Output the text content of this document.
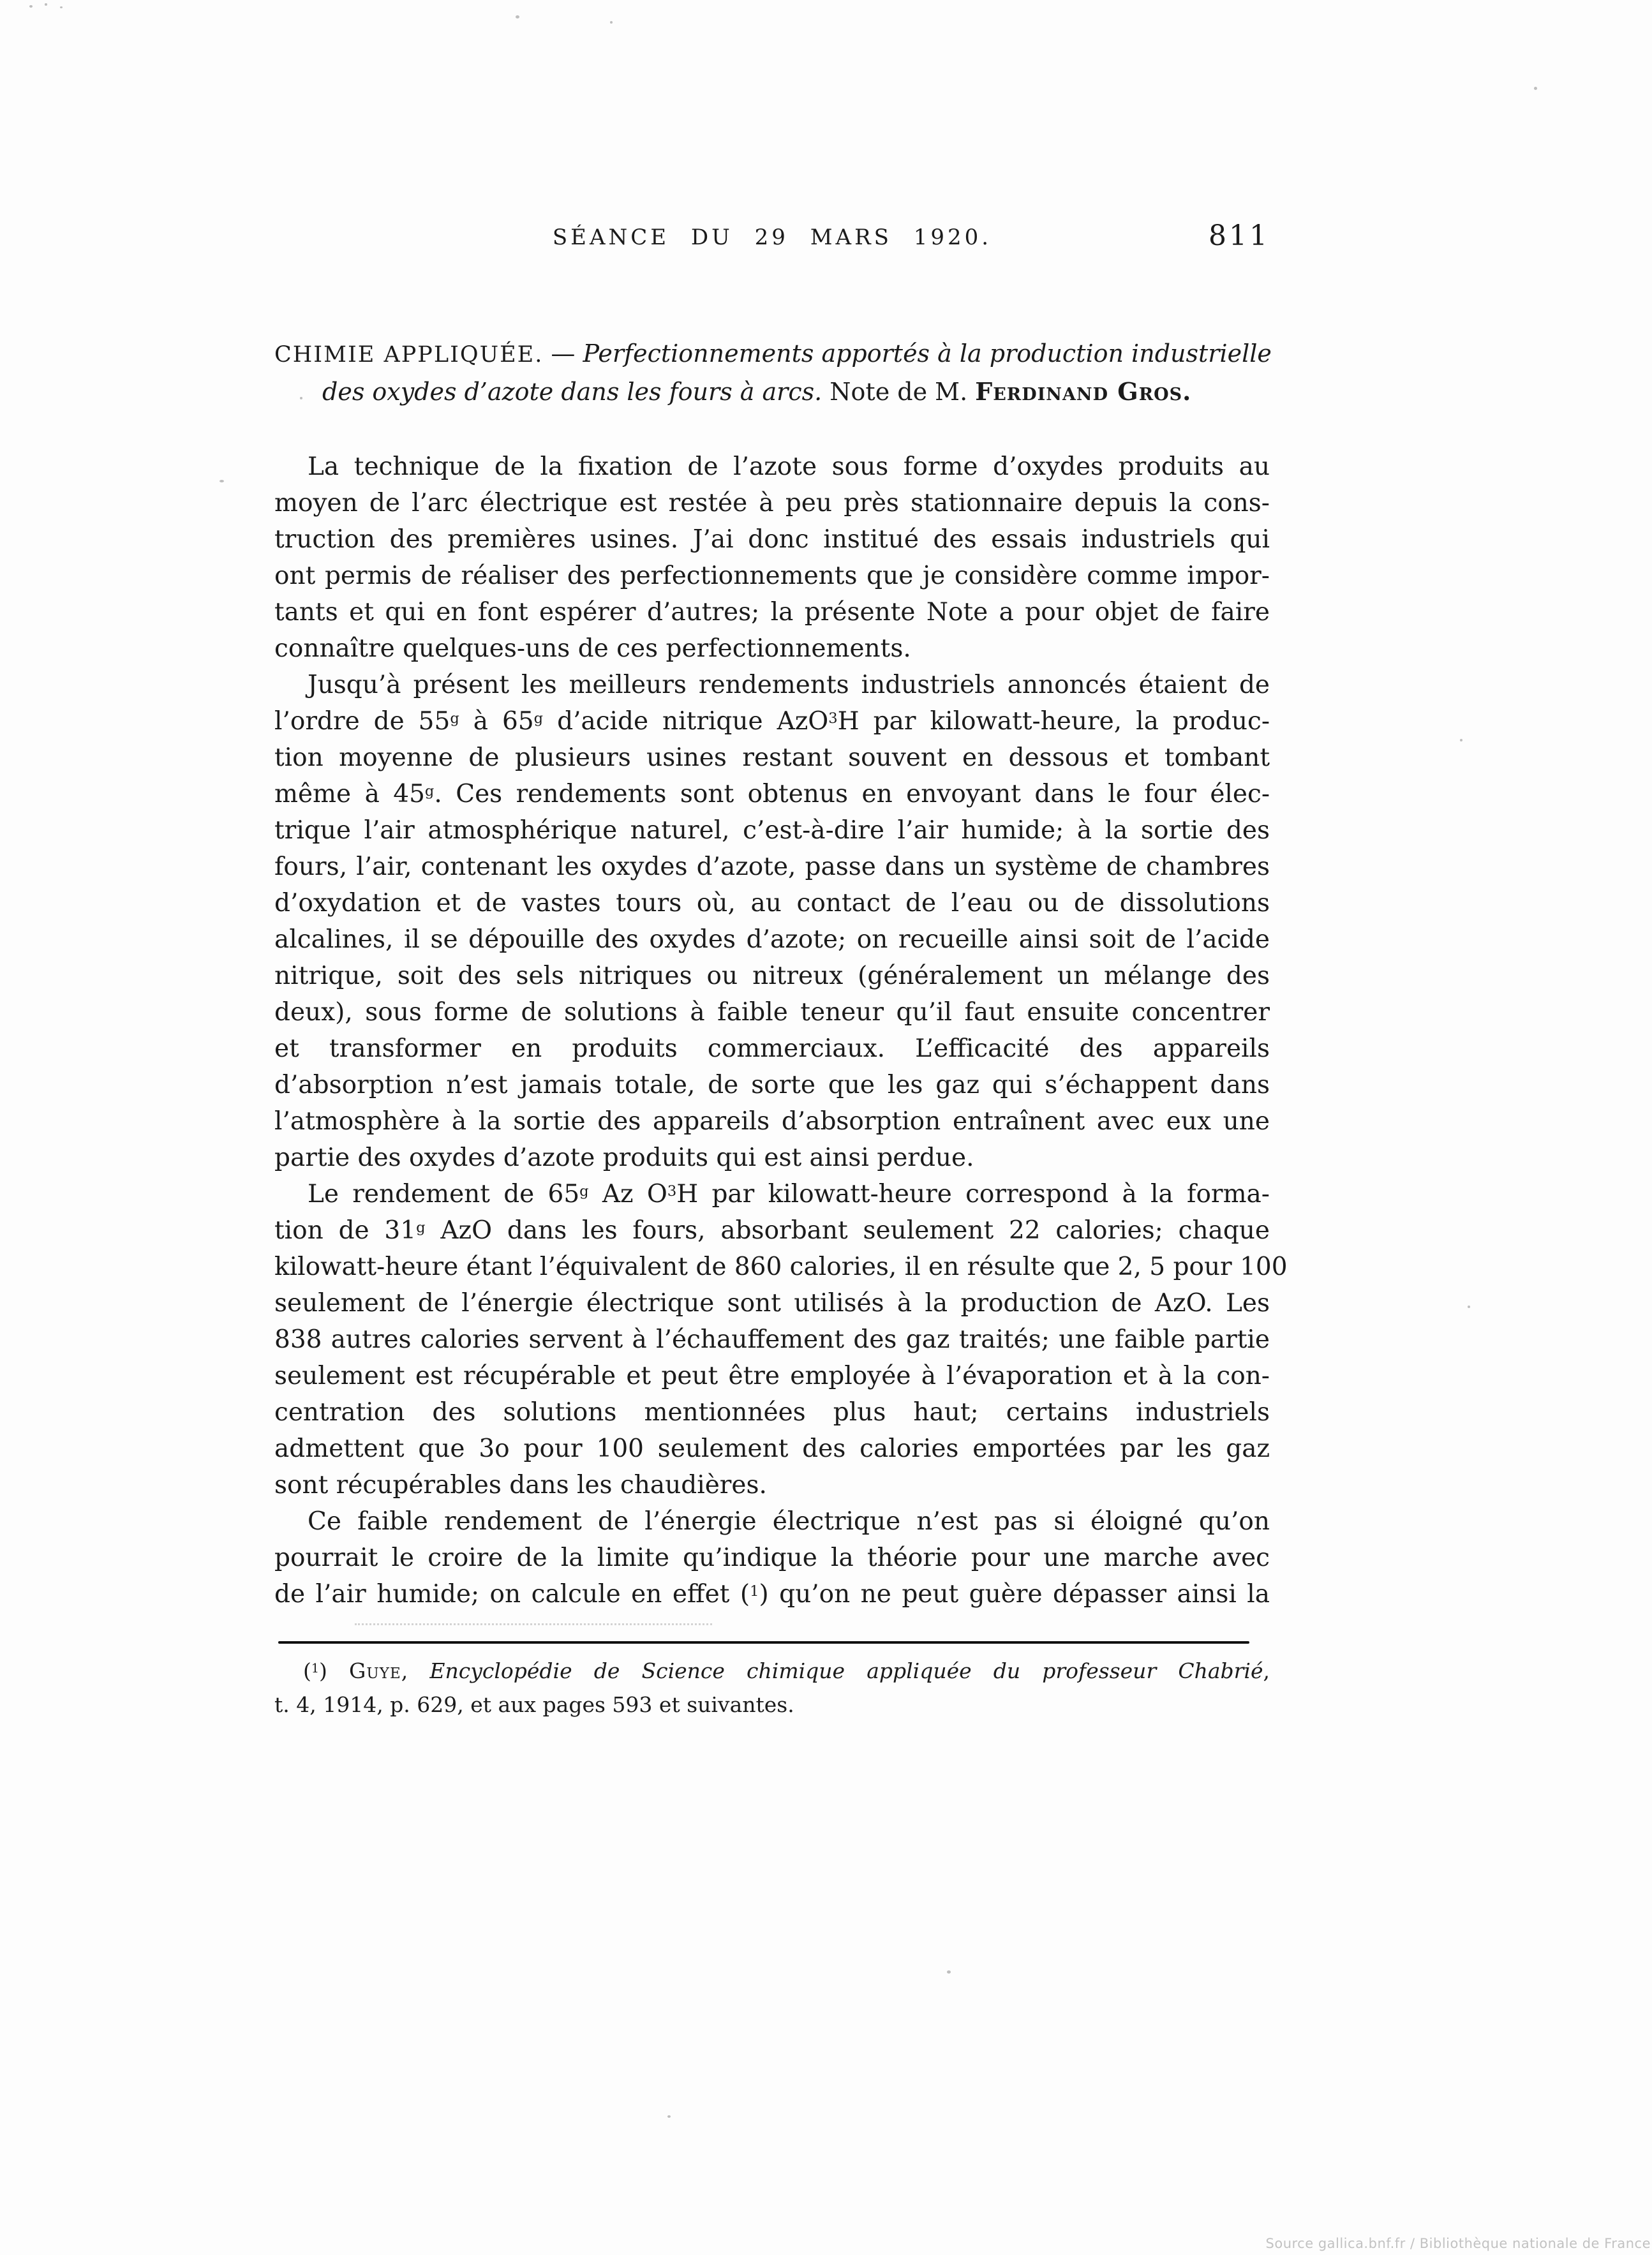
SÉANCE DU 29 MARS 1920.	811
CHIMIE APPLIQUÉE. — Perfectionnements apportés à la production industrielle
des oxydes d’azote dans les fours à arcs. Note de M. Ferdinand Gros.
La technique de la fixation de l’azote sous forme d’oxydes produits au
moyen de l’arc électrique est restée à peu près stationnaire depuis la cons-
truction des premières usines. J’ai donc institué des essais industriels qui
ont permis de réaliser des perfectionnements que je considère comme impor-
tants et qui en font espérer d’autres; la présente Note a pour objet de faire
connaître quelques-uns de ces perfectionnements.
Jusqu’à présent les meilleurs rendements industriels annoncés étaient de
l’ordre de 55$^g$ à 65$^g$ d’acide nitrique AzO$^3$H par kilowatt-heure, la produc-
tion moyenne de plusieurs usines restant souvent en dessous et tombant
même à 45$^g$. Ces rendements sont obtenus en envoyant dans le four élec-
trique l’air atmosphérique naturel, c’est-à-dire l’air humide; à la sortie des
fours, l’air, contenant les oxydes d’azote, passe dans un système de chambres
d’oxydation et de vastes tours où, au contact de l’eau ou de dissolutions
alcalines, il se dépouille des oxydes d’azote; on recueille ainsi soit de l’acide
nitrique, soit des sels nitriques ou nitreux (généralement un mélange des
deux), sous forme de solutions à faible teneur qu’il faut ensuite concentrer
et transformer en produits commerciaux. L’efficacité des appareils
d’absorption n’est jamais totale, de sorte que les gaz qui s’échappent dans
l’atmosphère à la sortie des appareils d’absorption entraînent avec eux une
partie des oxydes d’azote produits qui est ainsi perdue.
Le rendement de 65$^g$ Az $O^3H$ par kilowatt-heure correspond à la forma-
tion de 31$^g$ AzO dans les fours, absorbant seulement 22 calories; chaque
kilowatt-heure étant l’équivalent de 860 calories, il en résulte que 2, 5 pour 100
seulement de l’énergie électrique sont utilisés à la production de AzO. Les
838 autres calories servent à l’échauffement des gaz traités; une faible partie
seulement est récupérable et peut être employée à l’évaporation et à la con-
centration des solutions mentionnées plus haut; certains industriels
admettent que 3o pour 100 seulement des calories emportées par les gaz
sont récupérables dans les chaudières.
Ce faible rendement de l’énergie électrique n’est pas si éloigné qu’on
pourrait le croire de la limite qu’indique la théorie pour une marche avec
de l’air humide; on calcule en effet ($^1$) qu’on ne peut guère dépasser ainsi la
($^1$) Guye, Encyclopédie de Science chimique appliquée du professeur Chabrié,
t. 4, 1914, p. 629, et aux pages 593 et suivantes.
Source gallica.bnf.fr / Bibliothèque nationale de France
